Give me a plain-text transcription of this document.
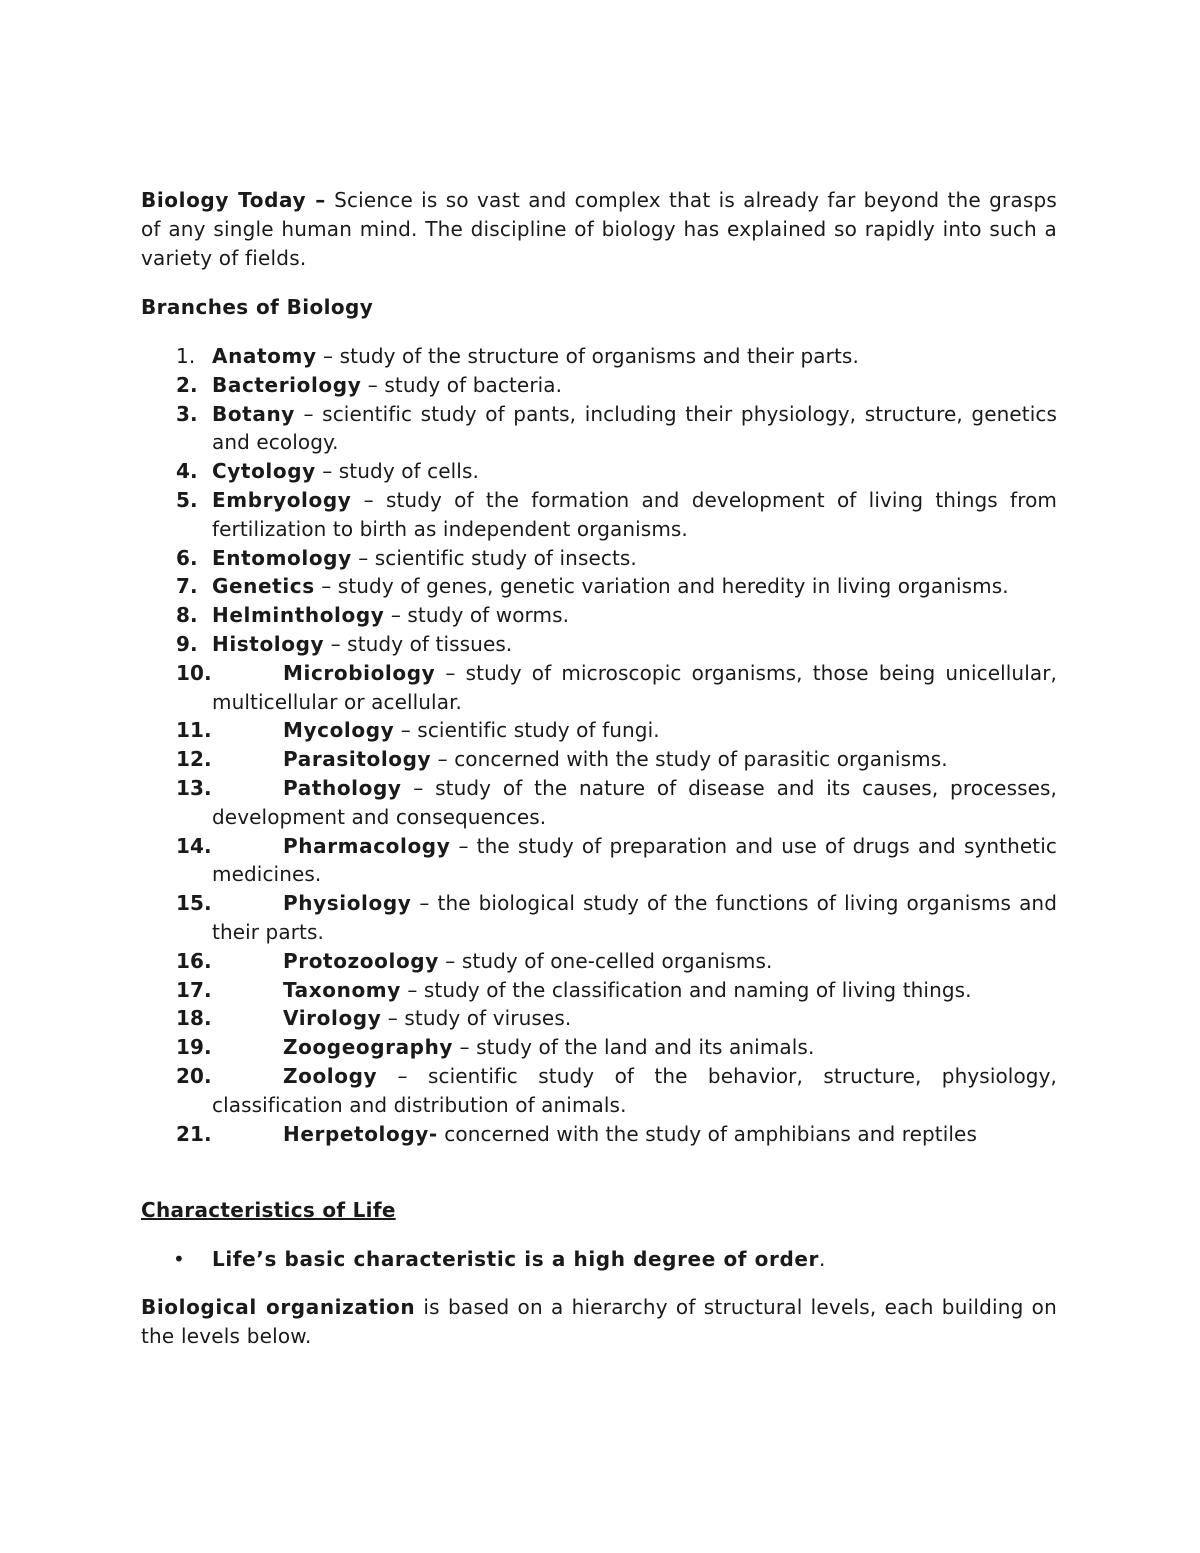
Biology Today – Science is so vast and complex that is already far beyond the grasps of any single human mind. The discipline of biology has explained so rapidly into such a variety of fields.

Branches of Biology

1. Anatomy – study of the structure of organisms and their parts.
2. Bacteriology – study of bacteria.
3. Botany – scientific study of pants, including their physiology, structure, genetics and ecology.
4. Cytology – study of cells.
5. Embryology – study of the formation and development of living things from fertilization to birth as independent organisms.
6. Entomology – scientific study of insects.
7. Genetics – study of genes, genetic variation and heredity in living organisms.
8. Helminthology – study of worms.
9. Histology – study of tissues.
10.	Microbiology – study of microscopic organisms, those being unicellular, multicellular or acellular.
11.	Mycology – scientific study of fungi.
12.	Parasitology – concerned with the study of parasitic organisms.
13.	Pathology – study of the nature of disease and its causes, processes, development and consequences.
14.	Pharmacology – the study of preparation and use of drugs and synthetic medicines.
15.	Physiology – the biological study of the functions of living organisms and their parts.
16.	Protozoology – study of one-celled organisms.
17.	Taxonomy – study of the classification and naming of living things.
18.	Virology – study of viruses.
19.	Zoogeography – study of the land and its animals.
20.	Zoology – scientific study of the behavior, structure, physiology, classification and distribution of animals.
21.	Herpetology- concerned with the study of amphibians and reptiles

Characteristics of Life

• Life’s basic characteristic is a high degree of order.

Biological organization is based on a hierarchy of structural levels, each building on the levels below.
